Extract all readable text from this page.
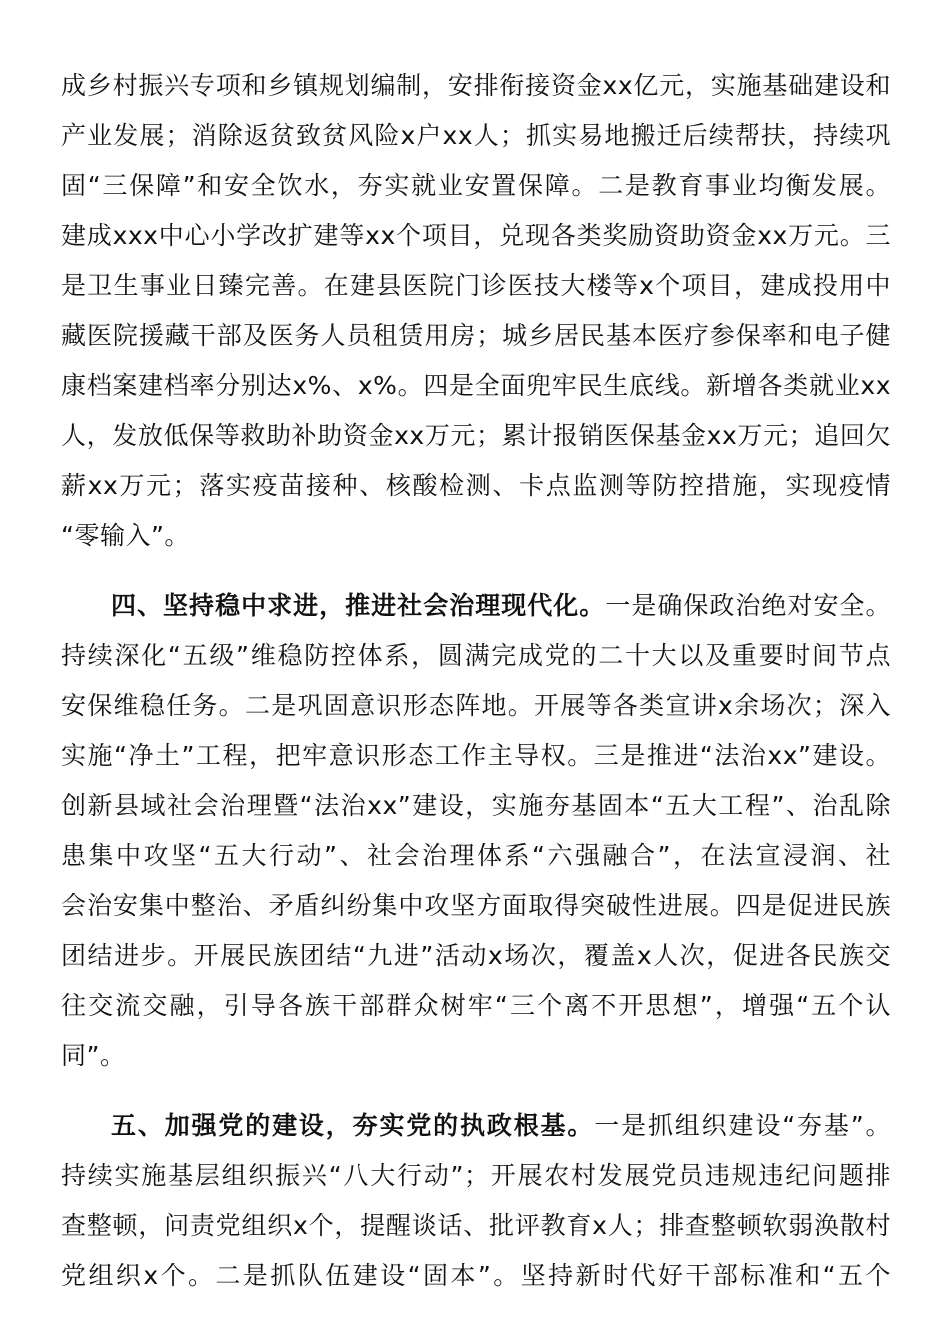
成乡村振兴专项和乡镇规划编制，安排衔接资金xx亿元，实施基础建设和
产业发展；消除返贫致贫风险x户xx人；抓实易地搬迁后续帮扶，持续巩
固“三保障”和安全饮水，夯实就业安置保障。二是教育事业均衡发展。
建成xxx中心小学改扩建等xx个项目，兑现各类奖励资助资金xx万元。三
是卫生事业日臻完善。在建县医院门诊医技大楼等x个项目，建成投用中
藏医院援藏干部及医务人员租赁用房；城乡居民基本医疗参保率和电子健
康档案建档率分别达x%、x%。四是全面兜牢民生底线。新增各类就业xx
人，发放低保等救助补助资金xx万元；累计报销医保基金xx万元；追回欠
薪xx万元；落实疫苗接种、核酸检测、卡点监测等防控措施，实现疫情
“零输入”。
四、坚持稳中求进，推进社会治理现代化。一是确保政治绝对安全。
持续深化“五级”维稳防控体系，圆满完成党的二十大以及重要时间节点
安保维稳任务。二是巩固意识形态阵地。开展等各类宣讲x余场次；深入
实施“净土”工程，把牢意识形态工作主导权。三是推进“法治xx”建设。
创新县域社会治理暨“法治xx”建设，实施夯基固本“五大工程”、治乱除
患集中攻坚“五大行动”、社会治理体系“六强融合”，在法宣浸润、社
会治安集中整治、矛盾纠纷集中攻坚方面取得突破性进展。四是促进民族
团结进步。开展民族团结“九进”活动x场次，覆盖x人次，促进各民族交
往交流交融，引导各族干部群众树牢“三个离不开思想”，增强“五个认
同”。
五、加强党的建设，夯实党的执政根基。一是抓组织建设“夯基”。
持续实施基层组织振兴“八大行动”；开展农村发展党员违规违纪问题排
查整顿，问责党组织x个，提醒谈话、批评教育x人；排查整顿软弱涣散村
党组织x个。二是抓队伍建设“固本”。坚持新时代好干部标准和“五个
